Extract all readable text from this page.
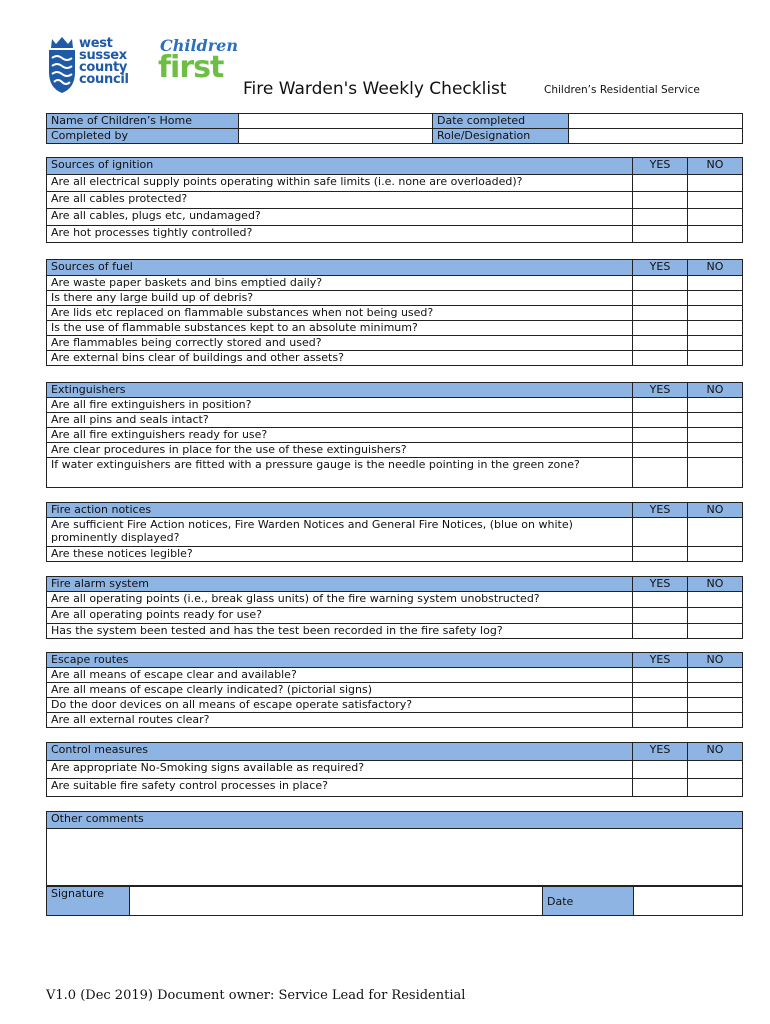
west
sussex
county
council
Children
first
Fire Warden's Weekly Checklist	Children’s Residential Service
Name of Children’s Home		Date completed	
Completed by		Role/Designation	
Sources of ignition	YES	NO
Are all electrical supply points operating within safe limits (i.e. none are overloaded)?		
Are all cables protected?		
Are all cables, plugs etc, undamaged?		
Are hot processes tightly controlled?		
Sources of fuel	YES	NO
Are waste paper baskets and bins emptied daily?		
Is there any large build up of debris?		
Are lids etc replaced on flammable substances when not being used?		
Is the use of flammable substances kept to an absolute minimum?		
Are flammables being correctly stored and used?		
Are external bins clear of buildings and other assets?		
Extinguishers	YES	NO
Are all fire extinguishers in position?		
Are all pins and seals intact?		
Are all fire extinguishers ready for use?		
Are clear procedures in place for the use of these extinguishers?		
If water extinguishers are fitted with a pressure gauge is the needle pointing in the green zone?		
Fire action notices	YES	NO
Are sufficient Fire Action notices, Fire Warden Notices and General Fire Notices, (blue on white) prominently displayed?		
Are these notices legible?		
Fire alarm system	YES	NO
Are all operating points (i.e., break glass units) of the fire warning system unobstructed?		
Are all operating points ready for use?		
Has the system been tested and has the test been recorded in the fire safety log?		
Escape routes	YES	NO
Are all means of escape clear and available?		
Are all means of escape clearly indicated? (pictorial signs)		
Do the door devices on all means of escape operate satisfactory?		
Are all external routes clear?		
Control measures	YES	NO
Are appropriate No-Smoking signs available as required?		
Are suitable fire safety control processes in place?		
Other comments

Signature		Date	
V1.0 (Dec 2019) Document owner: Service Lead for Residential
